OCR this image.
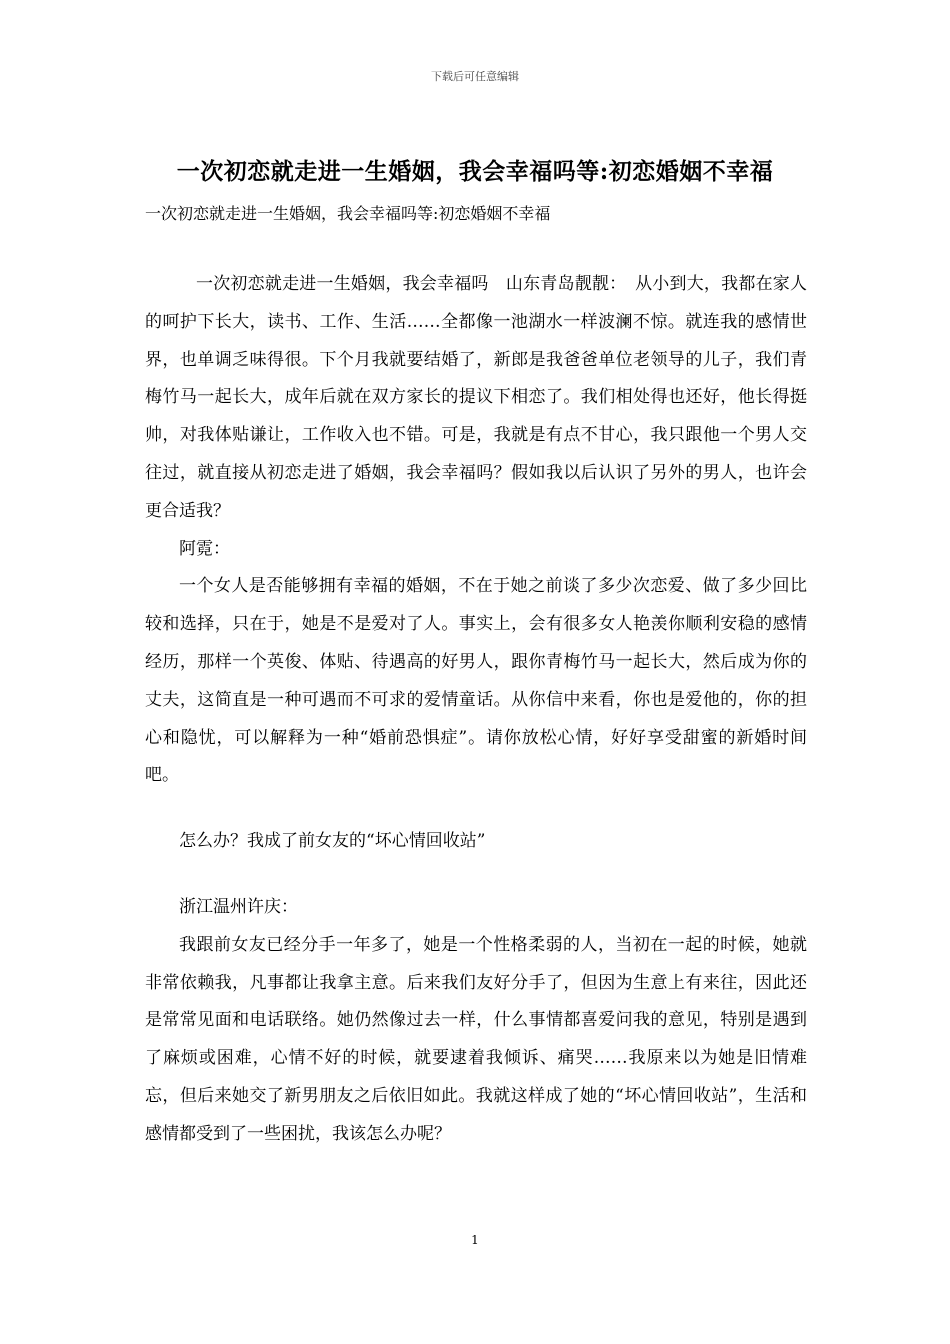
下载后可任意编辑
一次初恋就走进一生婚姻，我会幸福吗等:初恋婚姻不幸福
一次初恋就走进一生婚姻，我会幸福吗等:初恋婚姻不幸福

一次初恋就走进一生婚姻，我会幸福吗　山东青岛靓靓：　从小到大，我都在家人的呵护下长大，读书、工作、生活……全都像一池湖水一样波澜不惊。就连我的感情世界，也单调乏味得很。下个月我就要结婚了，新郎是我爸爸单位老领导的儿子，我们青梅竹马一起长大，成年后就在双方家长的提议下相恋了。我们相处得也还好，他长得挺帅，对我体贴谦让，工作收入也不错。可是，我就是有点不甘心，我只跟他一个男人交往过，就直接从初恋走进了婚姻，我会幸福吗？假如我以后认识了另外的男人，也许会更合适我？

阿霓：

一个女人是否能够拥有幸福的婚姻，不在于她之前谈了多少次恋爱、做了多少回比较和选择，只在于，她是不是爱对了人。事实上，会有很多女人艳羡你顺利安稳的感情经历，那样一个英俊、体贴、待遇高的好男人，跟你青梅竹马一起长大，然后成为你的丈夫，这简直是一种可遇而不可求的爱情童话。从你信中来看，你也是爱他的，你的担心和隐忧，可以解释为一种“婚前恐惧症”。请你放松心情，好好享受甜蜜的新婚时间吧。

怎么办？我成了前女友的“坏心情回收站”

浙江温州许庆：

我跟前女友已经分手一年多了，她是一个性格柔弱的人，当初在一起的时候，她就非常依赖我，凡事都让我拿主意。后来我们友好分手了，但因为生意上有来往，因此还是常常见面和电话联络。她仍然像过去一样，什么事情都喜爱问我的意见，特别是遇到了麻烦或困难，心情不好的时候，就要逮着我倾诉、痛哭……我原来以为她是旧情难忘，但后来她交了新男朋友之后依旧如此。我就这样成了她的“坏心情回收站”，生活和感情都受到了一些困扰，我该怎么办呢？

1
